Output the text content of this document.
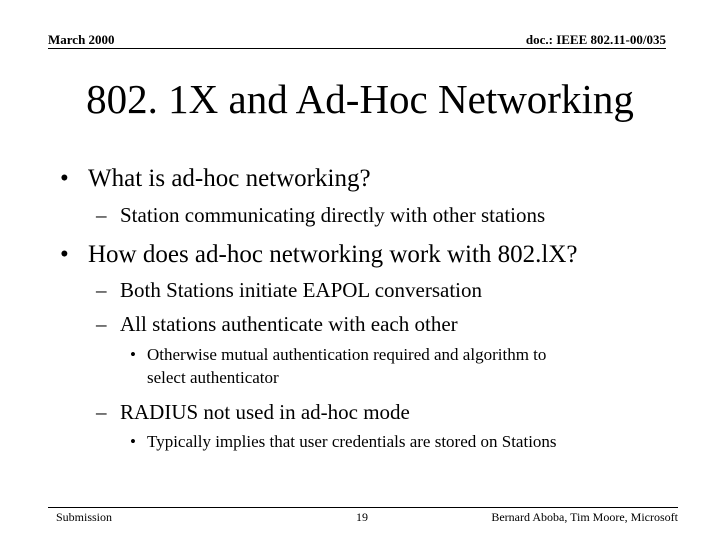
March 2000	doc.: IEEE 802.11-00/035
802. 1X and Ad-Hoc Networking
• What is ad-hoc networking?
– Station communicating directly with other stations
• How does ad-hoc networking work with 802.lX?
– Both Stations initiate EAPOL conversation
– All stations authenticate with each other
• Otherwise mutual authentication required and algorithm to
select authenticator
– RADIUS not used in ad-hoc mode
• Typically implies that user credentials are stored on Stations
Submission	19	Bernard Aboba, Tim Moore, Microsoft
